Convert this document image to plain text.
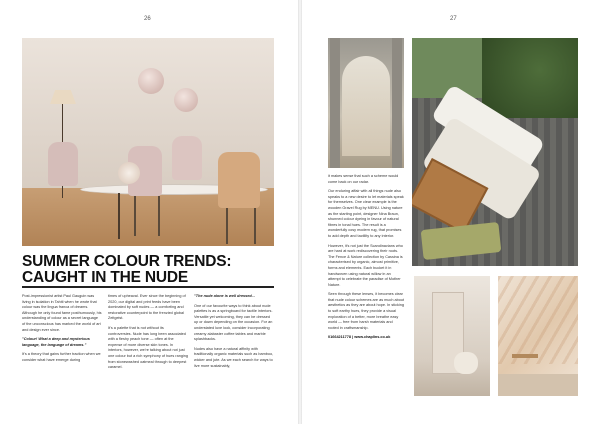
26	27
SUMMER COLOUR TRENDS:
CAUGHT IN THE NUDE

Post-impressionist artist Paul Gauguin was living in isolation in Tahiti when he wrote that colour was the lingua franca of dreams. Although he only found fame posthumously, his understanding of colour as a secret language of the unconscious has marked the world of art and design ever since.

"Colour! What a deep and mysterious language, the language of dreams."

It's a theory that gains further traction when we consider what have emerge during

times of upheaval. Ever since the beginning of 2020, our digital and print feeds have been dominated by soft nudes — a comforting and restorative counterpoint to the frenzied global Zeitgeist.

It's a palette that is not without its controversies. Nude has long been associated with a fleshy peach tone — often at the expense of more diverse skin tones. In interiors, however, we're talking about not just one colour but a rich symphony of hues ranging from stonewashed oatmeal through to deepest caramel.

"The nude alone is well dressed...

One of our favourite ways to think about nude palettes is as a springboard for tactile interiors. Versatile yet welcoming, they can be dressed up or down depending on the occasion. For an understated luxe look, consider incorporating creamy alabaster coffee tables and marble splashbacks.

Nudes also have a natural affinity with traditionally organic materials such as bamboo, wicker and jute. As we each search for ways to live more sustainably,

it makes sense that such a scheme would come back on our radar.

Our enduring affair with all things nude also speaks to a new desire to let materials speak for themselves. One clear example is the wooden Gravel Rug by MENU. Using nature as the starting point, designer Nina Braun, shunned colour dyeing in favour of natural fibres in tonal hues. The result is a wonderfully cosy modern rug, that promises to add depth and tactility to any interior.

However, it's not just the Scandinavians who are hard at work rediscovering their roots. The Fence & Nature collection by Cassina is characterised by organic, almost primitive, forms and elements. Each bucket it in handwoven using natural willow in an attempt to celebrate the paradise of Mother Nature.

Seen through these lenses, it becomes clear that nude colour schemes are as much about aesthetics as they are about hope. In sticking to soft earthy hues, they provide a visual exploration of a better, more breathe easy world — free from harsh materials and rooted in craftsmanship.

01664211778 | www.chaplins.co.uk
